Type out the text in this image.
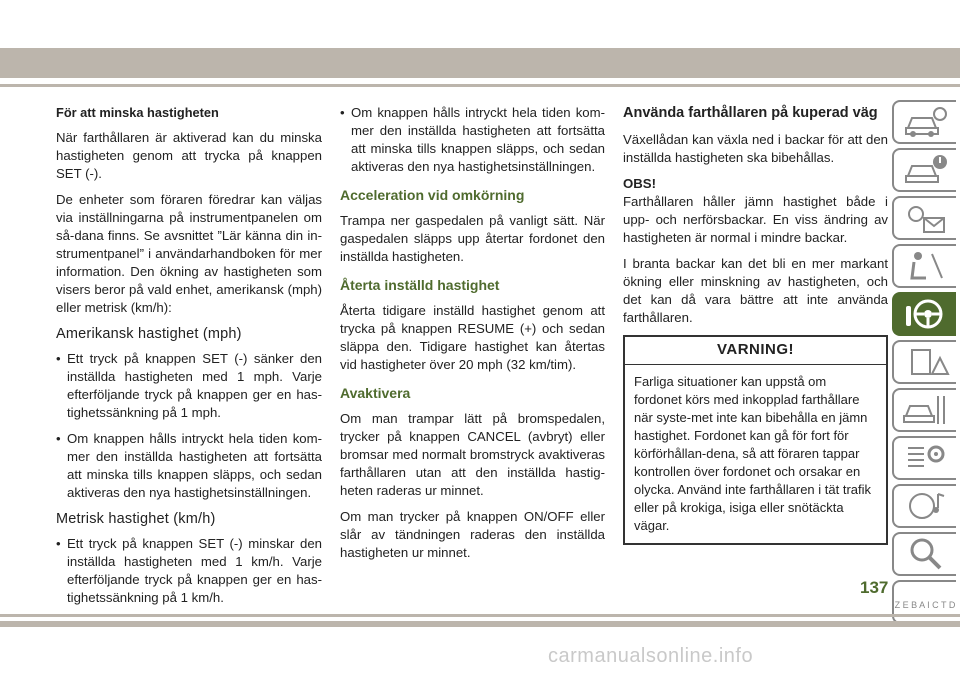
För att minska hastigheten

När farthållaren är aktiverad kan du minska hastigheten genom att trycka på knappen SET (-).

De enheter som föraren föredrar kan väljas via inställningarna på instrumentpanelen om så-dana finns. Se avsnittet ”Lär känna din in-strumentpanel” i användarhandboken för mer information. Den ökning av hastigheten som visers beror på vald enhet, amerikansk (mph) eller metrisk (km/h):

Amerikansk hastighet (mph)
• Ett tryck på knappen SET (-) sänker den inställda hastigheten med 1 mph. Varje efterföljande tryck på knappen ger en has-tighetssänkning på 1 mph.
• Om knappen hålls intryckt hela tiden kom-mer den inställda hastigheten att fortsätta att minska tills knappen släpps, och sedan aktiveras den nya hastighetsinställningen.
Metrisk hastighet (km/h)
• Ett tryck på knappen SET (-) minskar den inställda hastigheten med 1 km/h. Varje efterföljande tryck på knappen ger en has-tighetssänkning på 1 km/h.
• Om knappen hålls intryckt hela tiden kom-mer den inställda hastigheten att fortsätta att minska tills knappen släpps, och sedan aktiveras den nya hastighetsinställningen.
Acceleration vid omkörning

Trampa ner gaspedalen på vanligt sätt. När gaspedalen släpps upp återtar fordonet den inställda hastigheten.

Återta inställd hastighet

Återta tidigare inställd hastighet genom att trycka på knappen RESUME (+) och sedan släppa den. Tidigare hastighet kan återtas vid hastigheter över 20 mph (32 km/tim).

Avaktivera

Om man trampar lätt på bromspedalen, trycker på knappen CANCEL (avbryt) eller bromsar med normalt bromstryck avaktiveras farthållaren utan att den inställda hastig-heten raderas ur minnet.

Om man trycker på knappen ON/OFF eller slår av tändningen raderas den inställda hastigheten ur minnet.

Använda farthållaren på kuperad väg

Växellådan kan växla ned i backar för att den inställda hastigheten ska bibehållas.

OBS!

Farthållaren håller jämn hastighet både i upp- och nerförsbackar. En viss ändring av hastigheten är normal i mindre backar.

I branta backar kan det bli en mer markant ökning eller minskning av hastigheten, och det kan då vara bättre att inte använda farthållaren.

VARNING!
Farliga situationer kan uppstå om fordonet körs med inkopplad farthållare när syste-met inte kan bibehålla en jämn hastighet. Fordonet kan gå för fort för körförhållan-dena, så att föraren tappar kontrollen över fordonet och orsakar en olycka. Använd inte farthållaren i tät trafik eller på krokiga, isiga eller snötäckta vägar.
Z E B A I C T D
137
carmanualsonline.info
